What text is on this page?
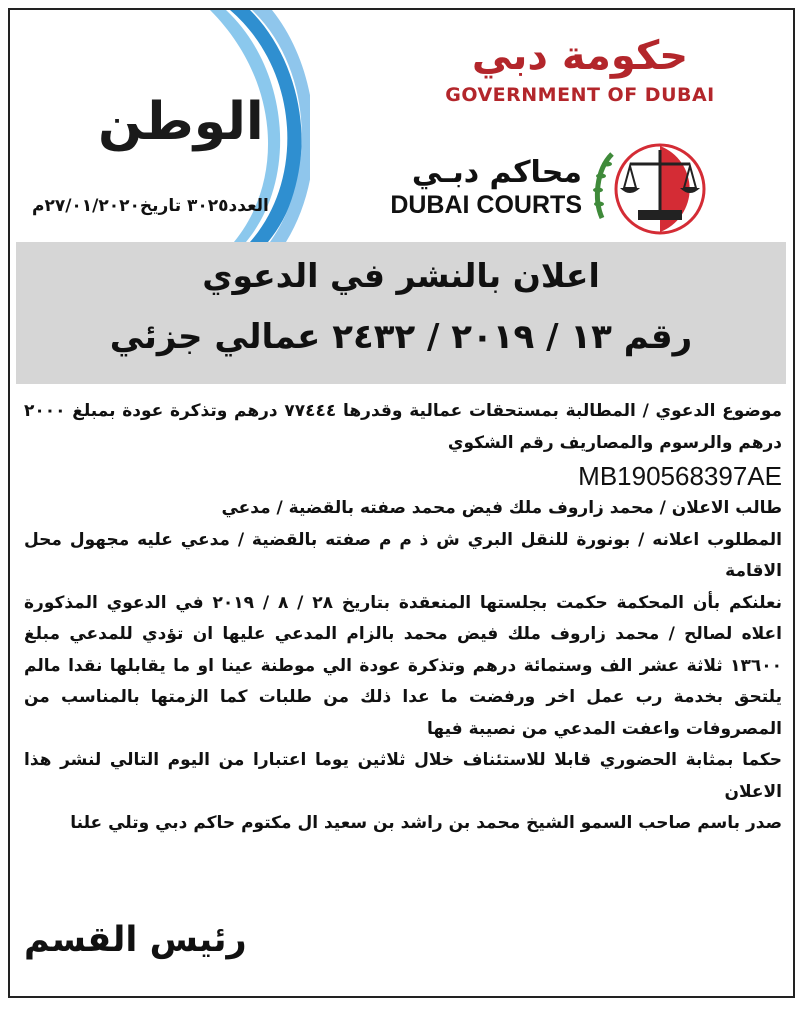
الوطن
العدد٣٠٢٥ تاريخ٢٧/٠١/٢٠٢٠م
حكومة دبي
GOVERNMENT OF DUBAI
محاكم دبـي
DUBAI COURTS
اعلان بالنشر في الدعوي
رقم ١٣ / ٢٠١٩ / ٢٤٣٢ عمالي جزئي

موضوع الدعوي / المطالبة بمستحقات عمالية وقدرها ٧٧٤٤٤ درهم وتذكرة عودة بمبلغ ٢٠٠٠ درهم والرسوم والمصاريف رقم الشكوي

MB190568397AE

طالب الاعلان / محمد زاروف ملك فيض محمد صفته بالقضية / مدعي

المطلوب اعلانه / بونورة للنقل البري ش ذ م م صفته بالقضية / مدعي عليه مجهول محل الاقامة

نعلنكم بأن المحكمة حكمت بجلستها المنعقدة بتاريخ ٢٨ / ٨ / ٢٠١٩ في الدعوي المذكورة اعلاه لصالح / محمد زاروف ملك فيض محمد بالزام المدعي عليها ان تؤدي للمدعي مبلغ ١٣٦٠٠ ثلاثة عشر الف وستمائة درهم وتذكرة عودة الي موطنة عينا او ما يقابلها نقدا مالم يلتحق بخدمة رب عمل اخر ورفضت ما عدا ذلك من طلبات كما الزمتها بالمناسب من المصروفات واعفت المدعي من نصيبة فيها

حكما بمثابة الحضوري قابلا للاستئناف خلال ثلاثين يوما اعتبارا من اليوم التالي لنشر هذا الاعلان

صدر باسم صاحب السمو الشيخ محمد بن راشد بن سعيد ال مكتوم حاكم دبي وتلي علنا

رئيس القسم
